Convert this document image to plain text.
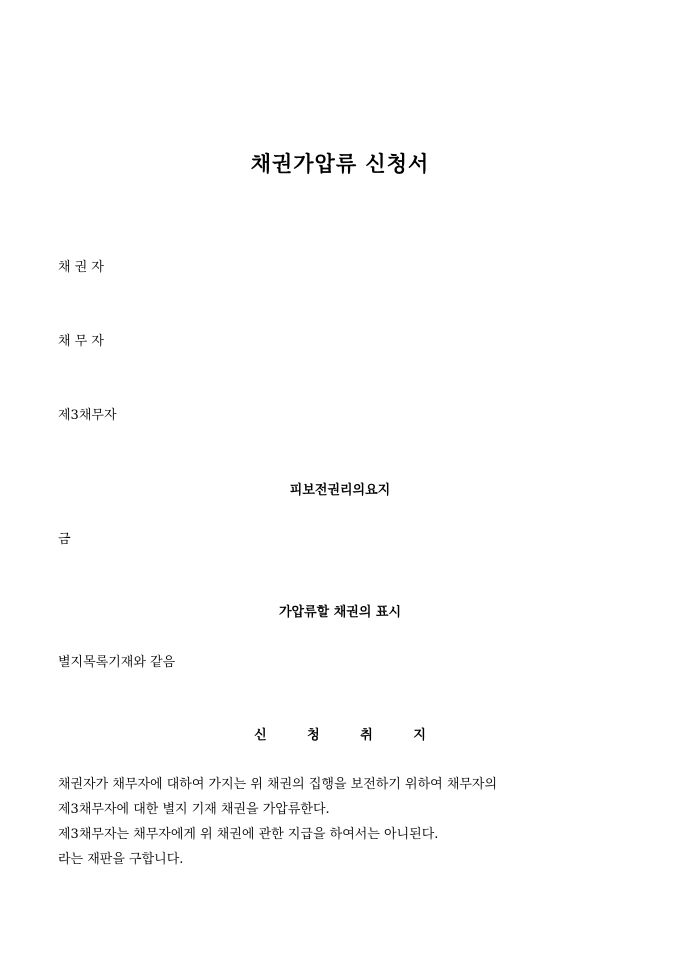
채권가압류 신청서
채 권 자
채 무 자
제3채무자
피보전권리의요지
금
가압류할 채권의 표시
별지목록기재와 같음
신 청 취 지
채권자가 채무자에 대하여 가지는 위 채권의 집행을 보전하기 위하여 채무자의
제3채무자에 대한 별지 기재 채권을 가압류한다.
제3채무자는 채무자에게 위 채권에 관한 지급을 하여서는 아니된다.
라는 재판을 구합니다.
